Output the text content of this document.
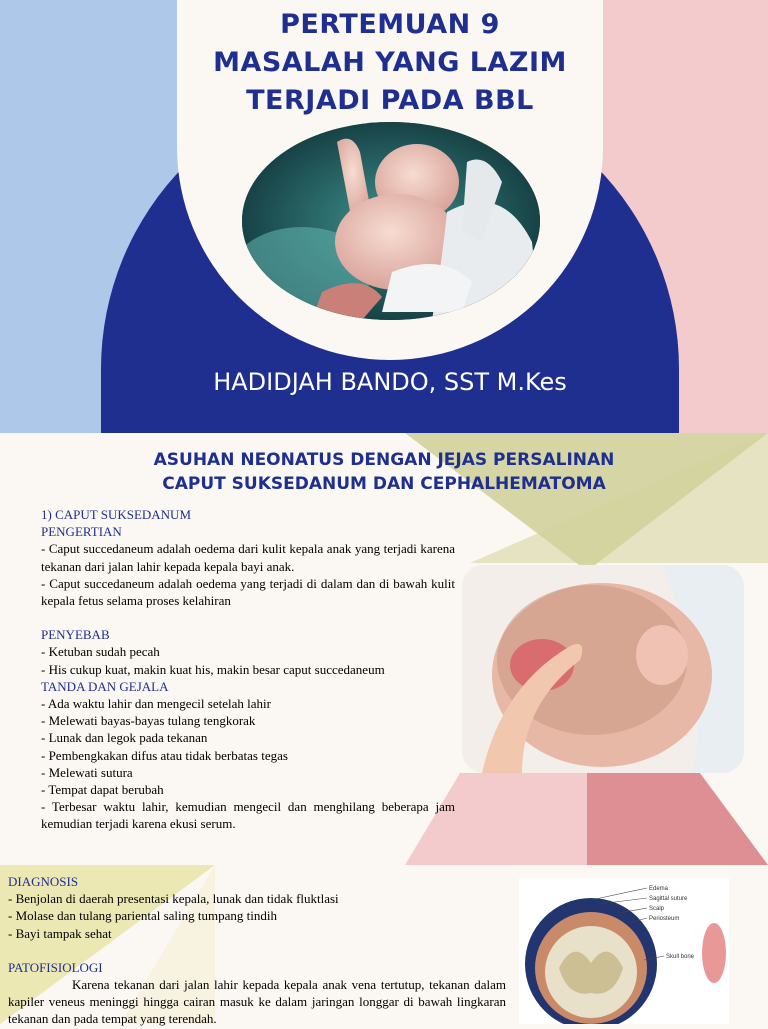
PERTEMUAN 9
MASALAH YANG LAZIM
TERJADI PADA BBL
HADIDJAH BANDO, SST M.Kes
ASUHAN NEONATUS DENGAN JEJAS PERSALINAN
CAPUT SUKSEDANUM DAN CEPHALHEMATOMA
1) CAPUT SUKSEDANUM
PENGERTIAN
- Caput succedaneum adalah oedema dari kulit kepala anak yang terjadi karena tekanan dari jalan lahir kepada kepala bayi anak.
- Caput succedaneum adalah oedema yang terjadi di dalam dan di bawah kulit kepala fetus selama proses kelahiran
PENYEBAB
- Ketuban sudah pecah
- His cukup kuat, makin kuat his, makin besar caput succedaneum
TANDA DAN GEJALA
- Ada waktu lahir dan mengecil setelah lahir
- Melewati bayas-bayas tulang tengkorak
- Lunak dan legok pada tekanan
- Pembengkakan difus atau tidak berbatas tegas
- Melewati sutura
- Tempat dapat berubah
- Terbesar waktu lahir, kemudian mengecil dan menghilang beberapa jam kemudian terjadi karena ekusi serum.
DIAGNOSIS
- Benjolan di daerah presentasi kepala, lunak dan tidak fluktlasi
- Molase dan tulang pariental saling tumpang tindih
- Bayi tampak sehat
PATOFISIOLOGI
Karena tekanan dari jalan lahir kepada kepala anak vena tertutup, tekanan dalam kapiler veneus meninggi hingga cairan masuk ke dalam jaringan longgar di bawah lingkaran tekanan dan pada tempat yang terendah.
Edema
Sagittal suture
Scalp
Periosteum
Skull bone
